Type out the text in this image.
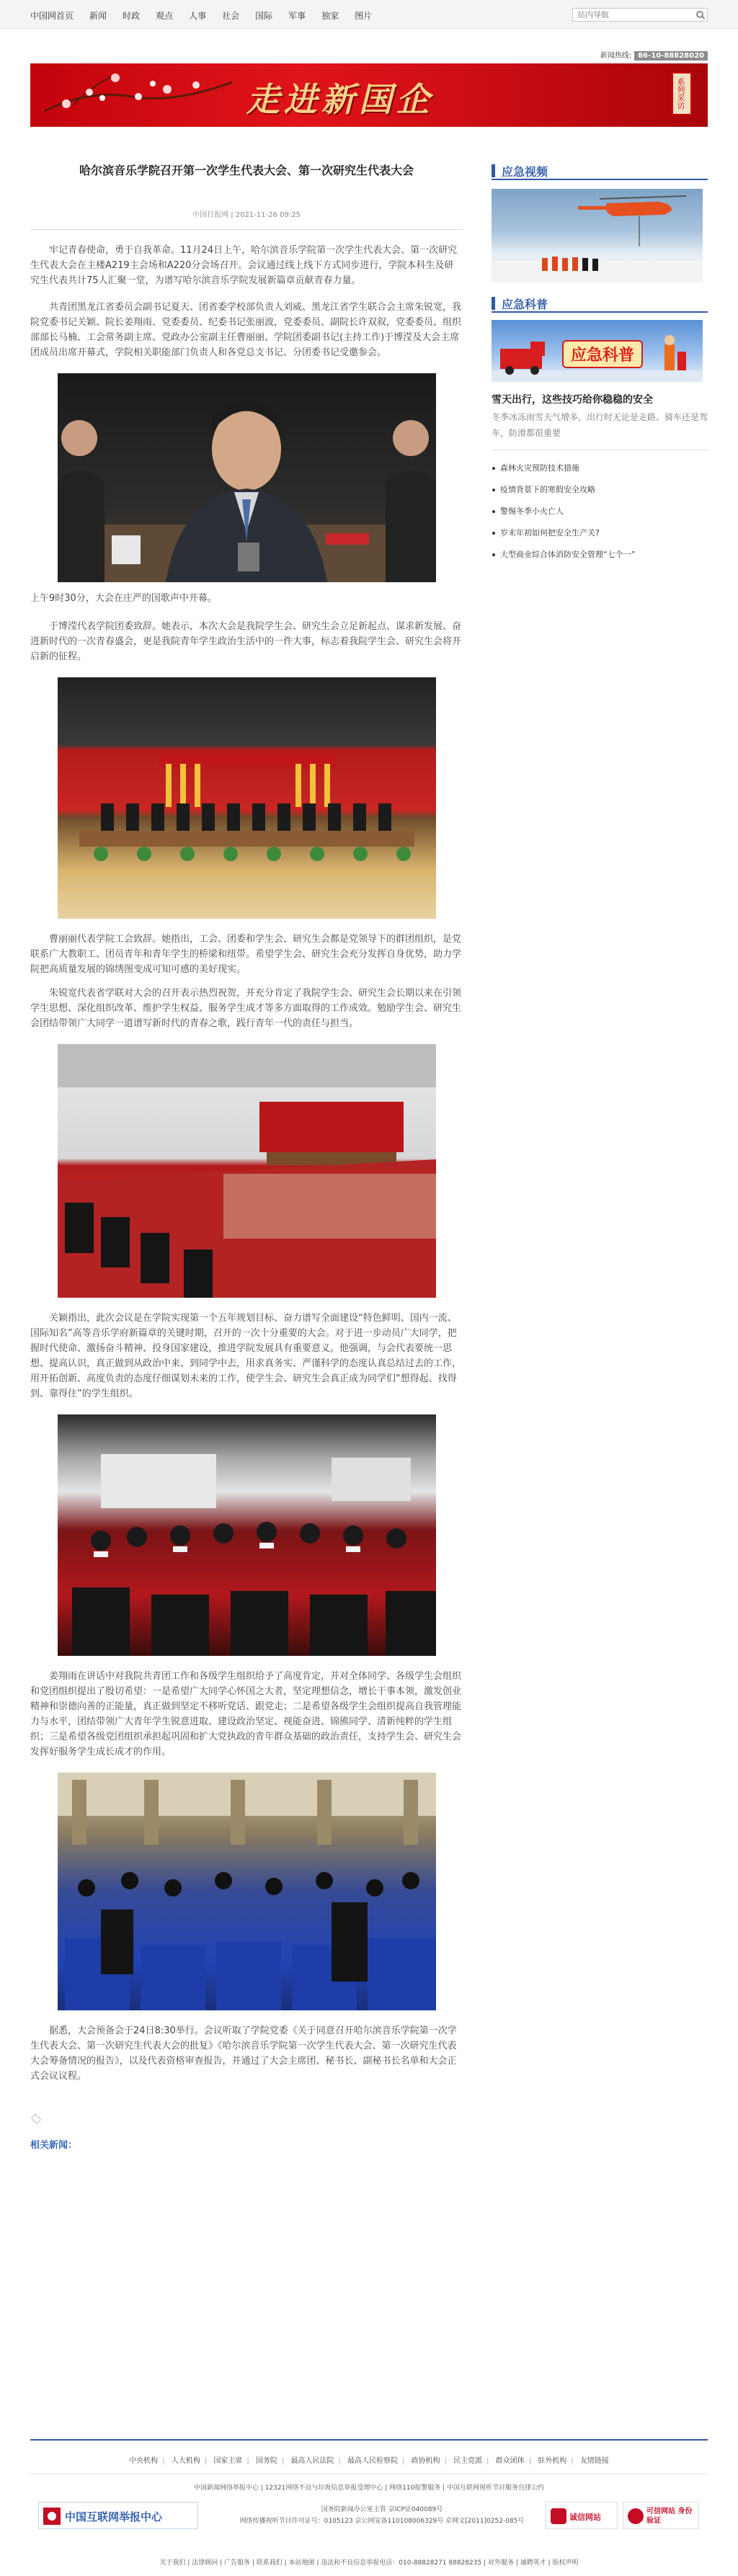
中国网首页 新闻 时政 观点 人事 社会 国际 军事 独家 图片
站内导航
新闻热线: 86-10-88828020
走进新国企	系列采访
哈尔滨音乐学院召开第一次学生代表大会、第一次研究生代表大会
中国日报网 | 2021-11-26 09:25

牢记青春使命，勇于自我革命。11月24日上午，哈尔滨音乐学院第一次学生代表大会、第一次研究生代表大会在主楼A219主会场和A220分会场召开。会议通过线上线下方式同步进行，学院本科生及研究生代表共计75人汇聚一堂，为谱写哈尔滨音乐学院发展新篇章贡献青春力量。

共青团黑龙江省委员会副书记夏天、团省委学校部负责人刘威、黑龙江省学生联合会主席朱锐宽，我院党委书记关颖、院长姜翔雨、党委委员、纪委书记张丽波，党委委员、副院长许双叙，党委委员、组织部部长马楠、工会常务副主席、党政办公室副主任曹丽丽、学院团委副书记(主持工作)于博滢及大会主席团成员出席开幕式，学院相关职能部门负责人和各党总支书记、分团委书记受邀参会。

上午9时30分，大会在庄严的国歌声中开幕。

于博滢代表学院团委致辞。她表示，本次大会是我院学生会、研究生会立足新起点、谋求新发展、奋进新时代的一次青春盛会，更是我院青年学生政治生活中的一件大事，标志着我院学生会、研究生会将开启新的征程。

曹丽丽代表学院工会致辞。她指出，工会、团委和学生会、研究生会都是党领导下的群团组织，是党联系广大教职工、团员青年和青年学生的桥梁和纽带。希望学生会、研究生会充分发挥自身优势，助力学院把高质量发展的锦绣图变成可知可感的美好现实。

朱锐宽代表省学联对大会的召开表示热烈祝贺，并充分肯定了我院学生会、研究生会长期以来在引领学生思想、深化组织改革、维护学生权益、服务学生成才等多方面取得的工作成效。勉励学生会、研究生会团结带领广大同学一道谱写新时代的青春之歌，践行青年一代的责任与担当。

关颖指出，此次会议是在学院实现第一个五年规划目标、奋力谱写全面建设“特色鲜明、国内一流、国际知名”高等音乐学府新篇章的关键时期，召开的一次十分重要的大会。对于进一步动员广大同学，把握时代使命、激扬奋斗精神、投身国家建设，推进学院发展具有重要意义。他强调，与会代表要统一思想、提高认识，真正做到从政治中来、到同学中去，用求真务实、严谨科学的态度认真总结过去的工作，用开拓创新、高度负责的态度仔细谋划未来的工作，使学生会、研究生会真正成为同学们“想得起、找得到、靠得住”的学生组织。

姜翔雨在讲话中对我院共青团工作和各级学生组织给予了高度肯定，并对全体同学、各级学生会组织和党团组织提出了殷切希望：一是希望广大同学心怀国之大者，坚定理想信念，增长干事本领，激发创业精神和崇德向善的正能量，真正做到坚定不移听党话、跟党走；二是希望各级学生会组织提高自我管理能力与水平，团结带领广大青年学生锐意进取、建设政治坚定、视能奋进、锦熊同学、清新纯粹的学生组织；三是希望各级党团组织承担起巩固和扩大党执政的青年群众基础的政治责任，支持学生会、研究生会发挥好服务学生成长成才的作用。

据悉，大会预备会于24日8:30举行。会议听取了学院党委《关于同意召开哈尔滨音乐学院第一次学生代表大会、第一次研究生代表大会的批复》《哈尔滨音乐学院第一次学生代表大会、第一次研究生代表大会筹备情况的报告》，以及代表资格审查报告，并通过了大会主席团、秘书长、副秘书长名单和大会正式会议议程。

相关新闻：
应急视频
应急科普
应急科普
雪天出行，这些技巧给你稳稳的安全
冬季冰冻雨雪天气增多，出行时无论是走路、骑车还是驾车，防滑都很重要
森林火灾预防技术措施
疫情背景下的寒假安全攻略
警惕冬季小火亡人
岁末年初如何把安全生产关?
大型商业综合体消防安全管理“七个一”
中央机构 | 人大机构 | 国家主席 | 国务院 | 最高人民法院 | 最高人民检察院 | 政协机构 | 民主党派 | 群众团体 | 驻外机构 | 友情链接
中国新闻网络举报中心 | 12321网络不良与垃圾信息举报受理中心 | 网络110报警服务 | 中国互联网视听节目服务自律公约
中国互联网举报中心
国务院新闻办公室主管 京ICP证040089号
网络传播视听节目许可证号：0105123 京公网安备110108006329号 京网文[2011]0252-085号	诚信网站
可信网站 身份验证
关于我们 | 法律顾问 | 广告服务 | 联系我们 | 本站地图 | 违法和不良信息举报电话：010-88828271 88828235 | 对外服务 | 诚聘英才 | 版权声明
